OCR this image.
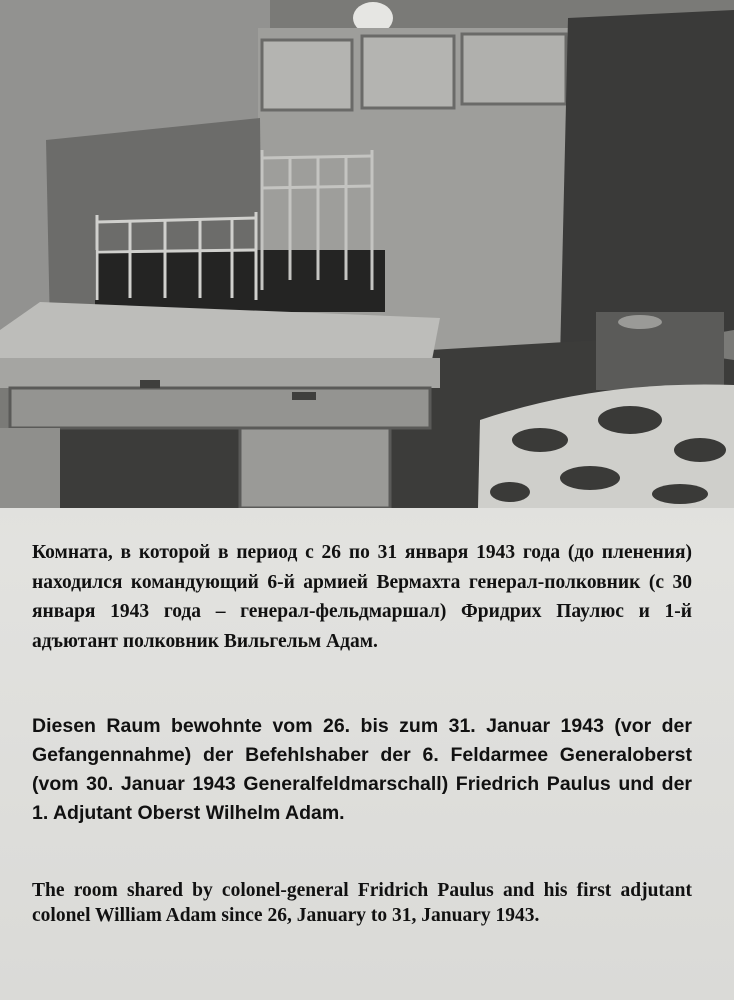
Комната, в которой в период с 26 по 31 января 1943 года (до пленения) находился командующий 6-й армией Вермахта генерал-полковник (с 30 января 1943 года – генерал-фельдмаршал) Фридрих Паулюс и 1-й адъютант полковник Вильгельм Адам.
Diesen Raum bewohnte vom 26. bis zum 31. Januar 1943 (vor der Gefangennahme) der Befehlshaber der 6. Feldarmee Generaloberst (vom 30. Januar 1943 Generalfeldmarschall) Friedrich Paulus und der 1. Adjutant Oberst Wilhelm Adam.
The room shared by colonel-general Fridrich Paulus and his first adjutant colonel William Adam since 26, January to 31, January 1943.
